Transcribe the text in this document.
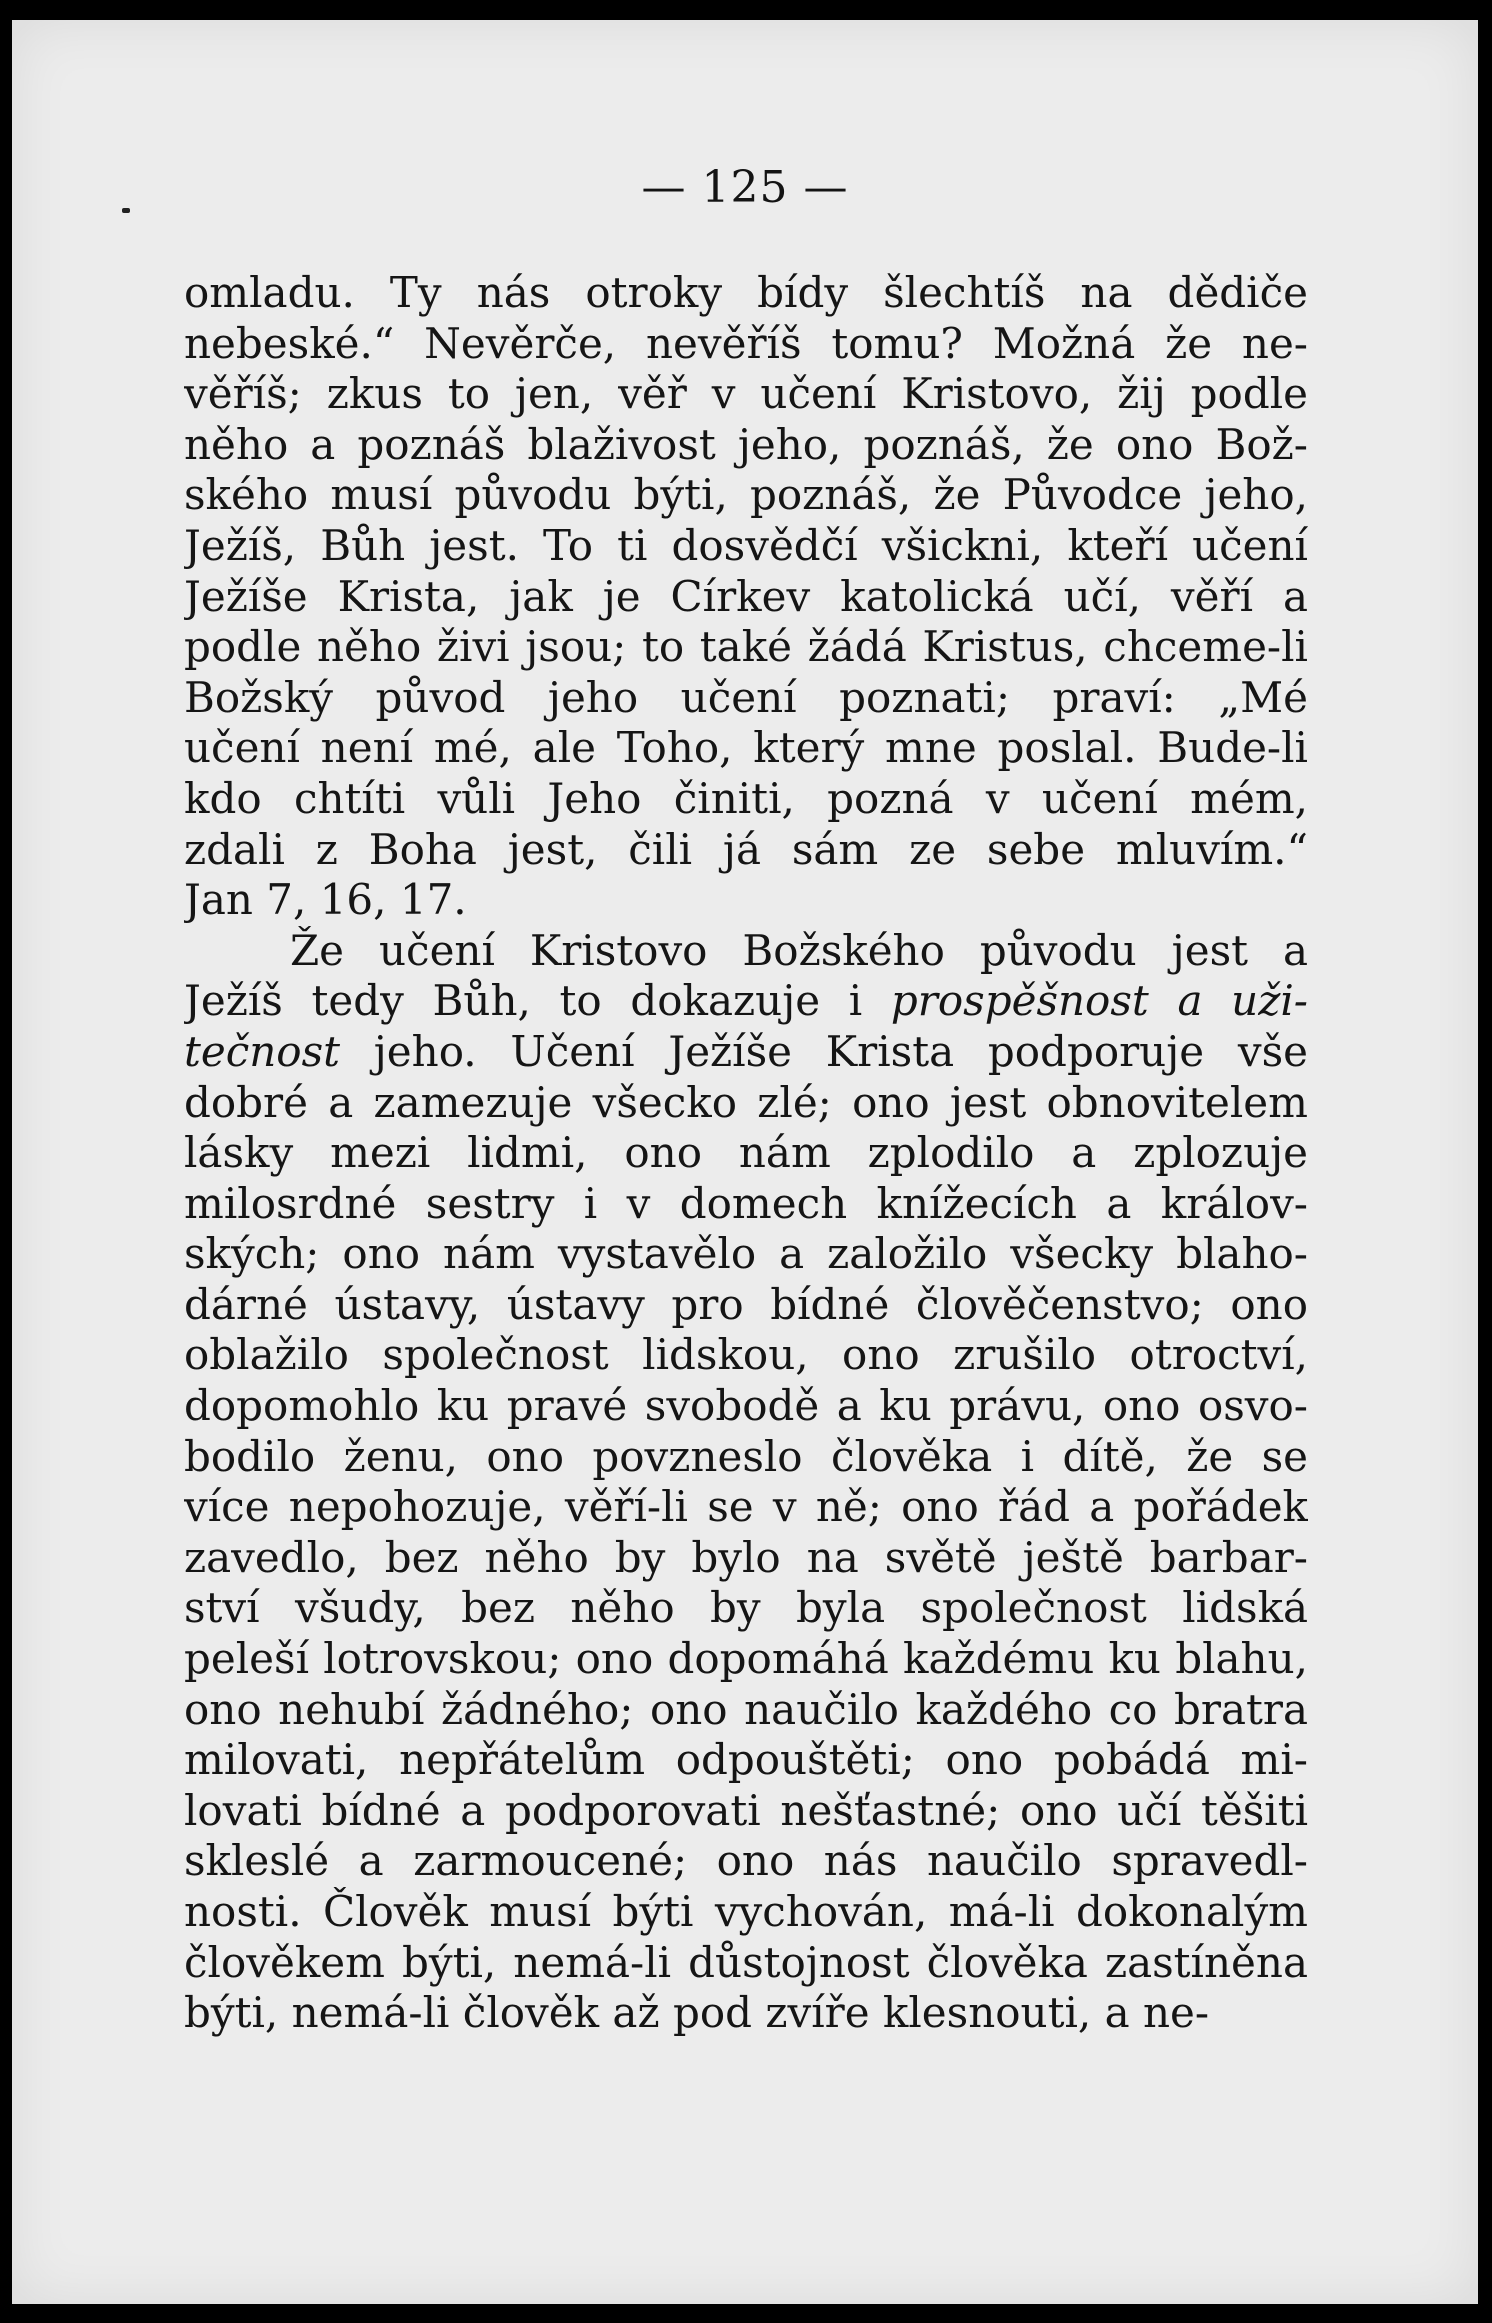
— 125 —
omladu. Ty nás otroky bídy šlechtíš na dědiče
nebeské.“ Nevěrče, nevěříš tomu? Možná že ne-
věříš; zkus to jen, věř v učení Kristovo, žij podle
něho a poznáš blaživost jeho, poznáš, že ono Bož-
ského musí původu býti, poznáš, že Původce jeho,
Ježíš, Bůh jest. To ti dosvědčí všickni, kteří učení
Ježíše Krista, jak je Církev katolická učí, věří a
podle něho živi jsou; to také žádá Kristus, chceme-li
Božský původ jeho učení poznati; praví: „Mé
učení není mé, ale Toho, který mne poslal. Bude-li
kdo chtíti vůli Jeho činiti, pozná v učení mém,
zdali z Boha jest, čili já sám ze sebe mluvím.“
Jan 7, 16, 17.
Že učení Kristovo Božského původu jest a
Ježíš tedy Bůh, to dokazuje i prospěšnost a uži-
tečnost jeho. Učení Ježíše Krista podporuje vše
dobré a zamezuje všecko zlé; ono jest obnovitelem
lásky mezi lidmi, ono nám zplodilo a zplozuje
milosrdné sestry i v domech knížecích a králov-
ských; ono nám vystavělo a založilo všecky blaho-
dárné ústavy, ústavy pro bídné člověčenstvo; ono
oblažilo společnost lidskou, ono zrušilo otroctví,
dopomohlo ku pravé svobodě a ku právu, ono osvo-
bodilo ženu, ono povzneslo člověka i dítě, že se
více nepohozuje, věří-li se v ně; ono řád a pořádek
zavedlo, bez něho by bylo na světě ještě barbar-
ství všudy, bez něho by byla společnost lidská
peleší lotrovskou; ono dopomáhá každému ku blahu,
ono nehubí žádného; ono naučilo každého co bratra
milovati, nepřátelům odpouštěti; ono pobádá mi-
lovati bídné a podporovati nešťastné; ono učí těšiti
skleslé a zarmoucené; ono nás naučilo spravedl-
nosti. Člověk musí býti vychován, má-li dokonalým
člověkem býti, nemá-li důstojnost člověka zastíněna
býti, nemá-li člověk až pod zvíře klesnouti, a ne-
